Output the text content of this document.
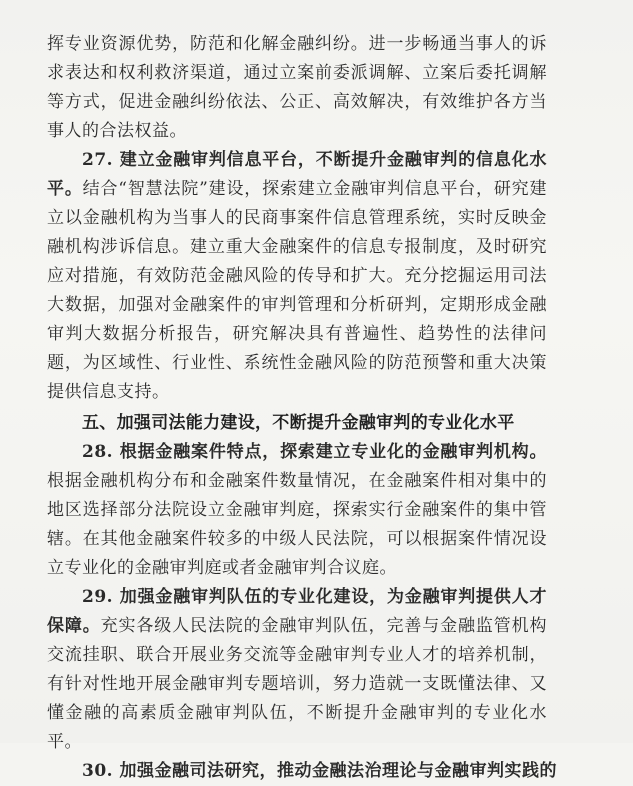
挥专业资源优势，防范和化解金融纠纷。进一步畅通当事人的诉求表达和权利救济渠道，通过立案前委派调解、立案后委托调解等方式，促进金融纠纷依法、公正、高效解决，有效维护各方当事人的合法权益。

27. 建立金融审判信息平台，不断提升金融审判的信息化水平。结合“智慧法院”建设，探索建立金融审判信息平台，研究建立以金融机构为当事人的民商事案件信息管理系统，实时反映金融机构涉诉信息。建立重大金融案件的信息专报制度，及时研究应对措施，有效防范金融风险的传导和扩大。充分挖掘运用司法大数据，加强对金融案件的审判管理和分析研判，定期形成金融审判大数据分析报告，研究解决具有普遍性、趋势性的法律问题，为区域性、行业性、系统性金融风险的防范预警和重大决策提供信息支持。

五、加强司法能力建设，不断提升金融审判的专业化水平

28. 根据金融案件特点，探索建立专业化的金融审判机构。根据金融机构分布和金融案件数量情况，在金融案件相对集中的地区选择部分法院设立金融审判庭，探索实行金融案件的集中管辖。在其他金融案件较多的中级人民法院，可以根据案件情况设立专业化的金融审判庭或者金融审判合议庭。

29. 加强金融审判队伍的专业化建设，为金融审判提供人才保障。充实各级人民法院的金融审判队伍，完善与金融监管机构交流挂职、联合开展业务交流等金融审判专业人才的培养机制，有针对性地开展金融审判专题培训，努力造就一支既懂法律、又懂金融的高素质金融审判队伍，不断提升金融审判的专业化水平。

30. 加强金融司法研究，推动金融法治理论与金融审判实践的
